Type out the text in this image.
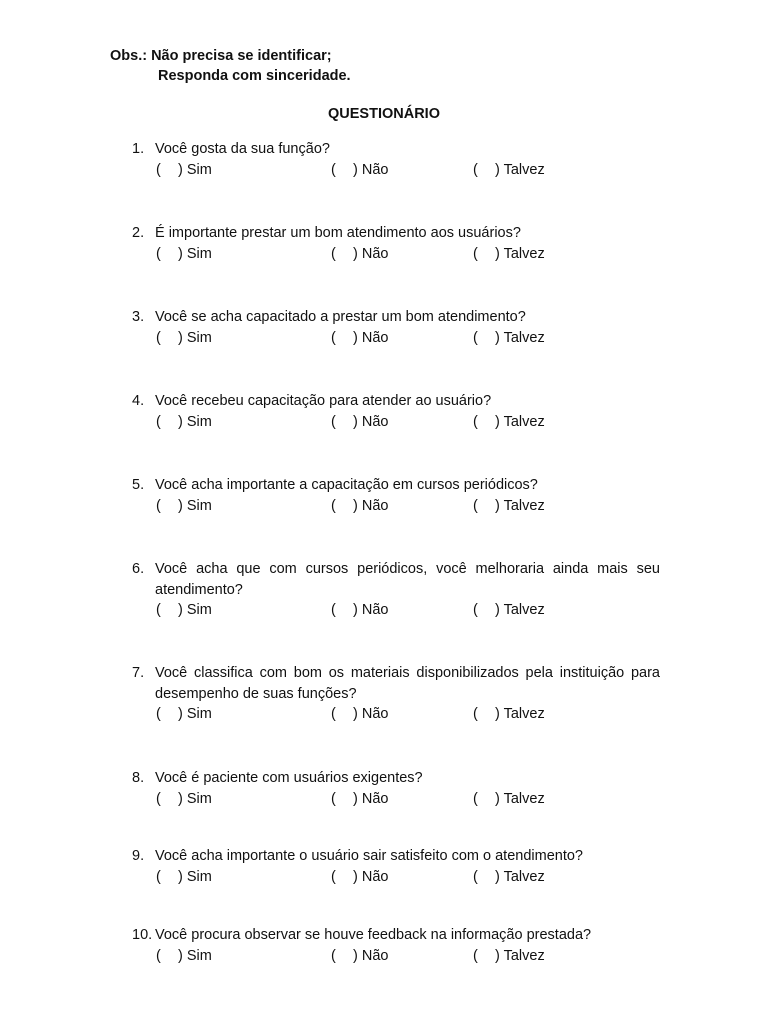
Obs.: Não precisa se identificar;
Responda com sinceridade.
QUESTIONÁRIO
1. Você gosta da sua função?
( ) Sim	( ) Não	( ) Talvez
2. É importante prestar um bom atendimento aos usuários?
( ) Sim	( ) Não	( ) Talvez
3. Você se acha capacitado a prestar um bom atendimento?
( ) Sim	( ) Não	( ) Talvez
4. Você recebeu capacitação para atender ao usuário?
( ) Sim	( ) Não	( ) Talvez
5. Você acha importante a capacitação em cursos periódicos?
( ) Sim	( ) Não	( ) Talvez
6. Você acha que com cursos periódicos, você melhoraria ainda mais seu atendimento?
( ) Sim	( ) Não	( ) Talvez
7. Você classifica com bom os materiais disponibilizados pela instituição para desempenho de suas funções?
( ) Sim	( ) Não	( ) Talvez
8. Você é paciente com usuários exigentes?
( ) Sim	( ) Não	( ) Talvez
9. Você acha importante o usuário sair satisfeito com o atendimento?
( ) Sim	( ) Não	( ) Talvez
10. Você procura observar se houve feedback na informação prestada?
( ) Sim	( ) Não	( ) Talvez
